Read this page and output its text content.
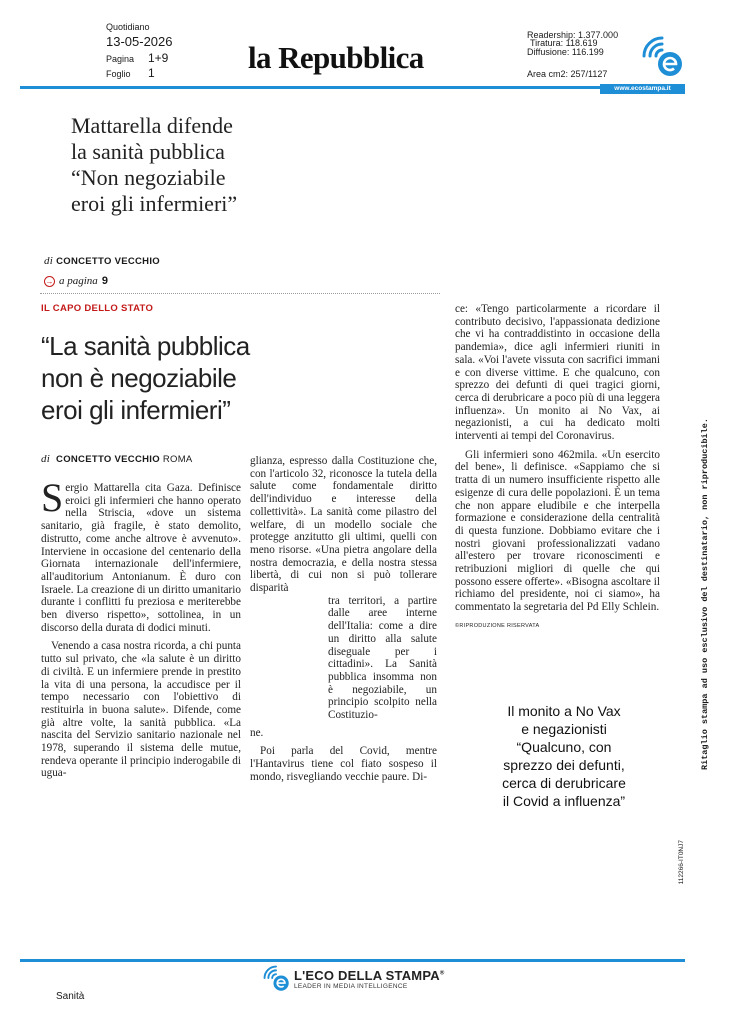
Quotidiano
13-05-2026
Pagina 1+9
Foglio 1	la Repubblica
Readership: 1.377.000
Tiratura: 118.619
Diffusione: 116.199
Area cm2: 257/1127
www.ecostampa.it
Mattarella difende
la sanità pubblica
“Non negoziabile
eroi gli infermieri”
di CONCETTO VECCHIO
→ a pagina 9
IL CAPO DELLO STATO
“La sanità pubblica
non è negoziabile
eroi gli infermieri”
di CONCETTO VECCHIO ROMA

S ergio Mattarella cita Gaza. Definisce eroici gli infermieri che hanno operato nella Striscia, «dove un sistema sanitario, già fragile, è stato demolito, distrutto, come anche altrove è avvenuto». Interviene in occasione del centenario della Giornata internazionale dell'infermiere, all'auditorium Antonianum. È duro con Israele. La creazione di un diritto umanitario durante i conflitti fu preziosa e meriterebbe ben diverso rispetto», sottolinea, in un discorso della durata di dodici minuti.

Venendo a casa nostra ricorda, a chi punta tutto sul privato, che «la salute è un diritto di civiltà. E un infermiere prende in prestito la vita di una persona, la accudisce per il tempo necessario con l'obiettivo di restituirla in buona salute». Difende, come già altre volte, la sanità pubblica. «La nascita del Servizio sanitario nazionale nel 1978, superando il sistema delle mutue, rendeva operante il principio inderogabile di ugua-

glianza, espresso dalla Costituzione che, con l'articolo 32, riconosce la tutela della salute come fondamentale diritto dell'individuo e interesse della collettività». La sanità come pilastro del welfare, di un modello sociale che protegge anzitutto gli ultimi, quelli con meno risorse. «Una pietra angolare della nostra democrazia, e della nostra stessa libertà, di cui non si può tollerare disparità

tra territori, a partire dalle aree interne dell'Italia: come a dire un diritto alla salute diseguale per i cittadini». La Sanità pubblica insomma non è negoziabile, un principio scolpito nella Costituzio-

ne.

Poi parla del Covid, mentre l'Hantavirus tiene col fiato sospeso il mondo, risvegliando vecchie paure. Di-

ce: «Tengo particolarmente a ricordare il contributo decisivo, l'appassionata dedizione che vi ha contraddistinto in occasione della pandemia», dice agli infermieri riuniti in sala. «Voi l'avete vissuta con sacrifici immani e con diverse vittime. E che qualcuno, con sprezzo dei defunti di quei tragici giorni, cerca di derubricare a poco più di una leggera influenza». Un monito ai No Vax, ai negazionisti, a cui ha dedicato molti interventi ai tempi del Coronavirus.

Gli infermieri sono 462mila. «Un esercito del bene», li definisce. «Sappiamo che si tratta di un numero insufficiente rispetto alle esigenze di cura delle popolazioni. È un tema che non appare eludibile e che interpella formazione e considerazione della centralità di questa funzione. Dobbiamo evitare che i nostri giovani professionalizzati vadano all'estero per trovare riconoscimenti e retribuzioni migliori di quelle che qui possono essere offerte». «Bisogna ascoltare il richiamo del presidente, noi ci siamo», ha commentato la segretaria del Pd Elly Schlein.

©RIPRODUZIONE RISERVATA
Il monito a No Vax
e negazionisti
“Qualcuno, con
sprezzo dei defunti,
cerca di derubricare
il Covid a influenza”
Ritaglio stampa ad uso esclusivo del destinatario, non riproducibile.
112266-IT0NJ7
L'ECO DELLA STAMPA®
LEADER IN MEDIA INTELLIGENCE
Sanità
